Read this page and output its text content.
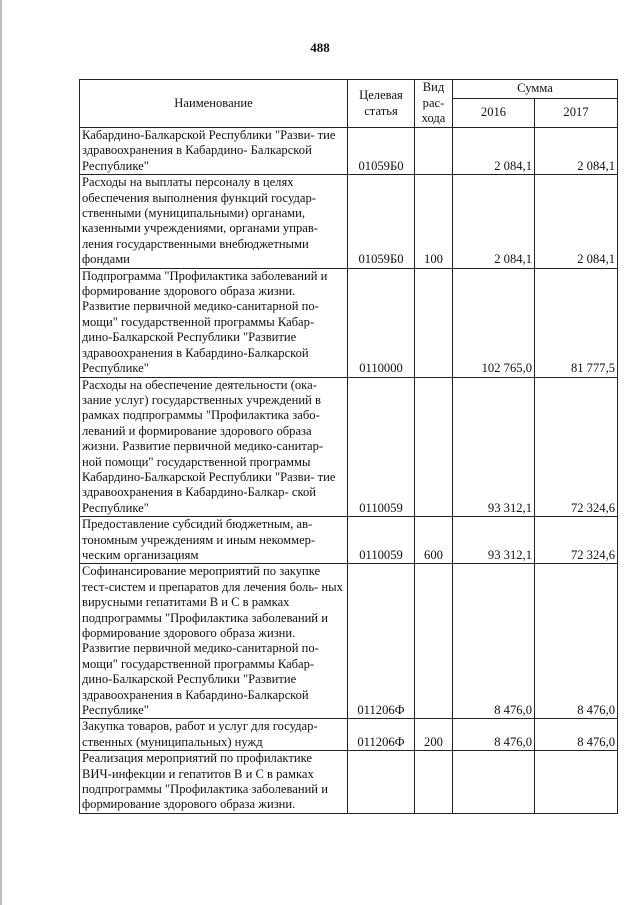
488
Наименование	Целевая статья	Вид рас- хода	Сумма	
			2016	2017
Кабардино-Балкарской Республики "Разви- тие здравоохранения в Кабардино- Балкарской Республике"	01059Б0		2 084,1	2 084,1
Расходы на выплаты персоналу в целях обеспечения выполнения функций государ- ственными (муниципальными) органами, казенными учреждениями, органами управ- ления государственными внебюджетными фондами	01059Б0	100	2 084,1	2 084,1
Подпрограмма "Профилактика заболеваний и формирование здорового образа жизни. Развитие первичной медико-санитарной по- мощи" государственной программы Кабар- дино-Балкарской Республики "Развитие здравоохранения в Кабардино-Балкарской Республике"	0110000		102 765,0	81 777,5
Расходы на обеспечение деятельности (ока- зание услуг) государственных учреждений в рамках подпрограммы "Профилактика забо- леваний и формирование здорового образа жизни. Развитие первичной медико-санитар- ной помощи" государственной программы Кабардино-Балкарской Республики "Разви- тие здравоохранения в Кабардино-Балкар- ской Республике"	0110059		93 312,1	72 324,6
Предоставление субсидий бюджетным, ав- тономным учреждениям и иным некоммер- ческим организациям	0110059	600	93 312,1	72 324,6
Софинансирование мероприятий по закупке тест-систем и препаратов для лечения боль- ных вирусными гепатитами В и С в рамках подпрограммы "Профилактика заболеваний и формирование здорового образа жизни. Развитие первичной медико-санитарной по- мощи" государственной программы Кабар- дино-Балкарской Республики "Развитие здравоохранения в Кабардино-Балкарской Республике"	011206Ф		8 476,0	8 476,0
Закупка товаров, работ и услуг для государ- ственных (муниципальных) нужд	011206Ф	200	8 476,0	8 476,0
Реализация мероприятий по профилактике ВИЧ-инфекции и гепатитов В и С в рамках подпрограммы "Профилактика заболеваний и формирование здорового образа жизни.				
